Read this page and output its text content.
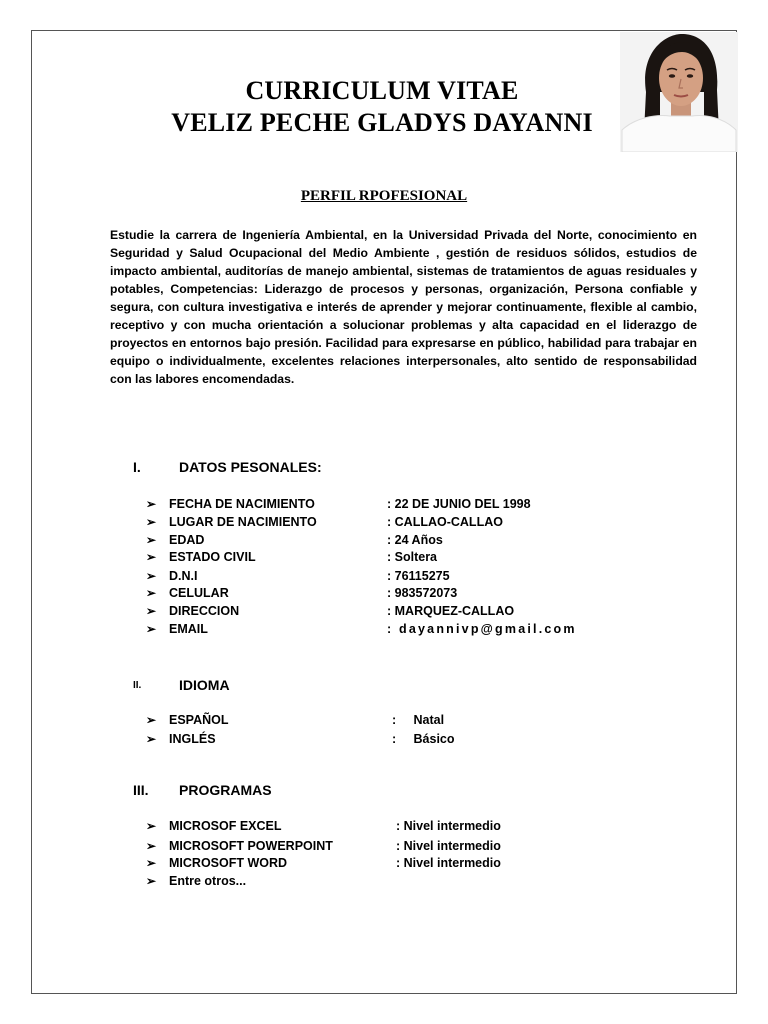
CURRICULUM VITAE
VELIZ PECHE GLADYS DAYANNI
PERFIL RPOFESIONAL
Estudie la carrera de Ingeniería Ambiental, en la Universidad Privada del Norte, conocimiento en Seguridad y Salud Ocupacional del Medio Ambiente , gestión de residuos sólidos, estudios de impacto ambiental, auditorías de manejo ambiental, sistemas de tratamientos de aguas residuales y potables, Competencias: Liderazgo de procesos y personas, organización, Persona confiable y segura, con cultura investigativa e interés de aprender y mejorar continuamente, flexible al cambio, receptivo y con mucha orientación a solucionar problemas y alta capacidad en el liderazgo de proyectos en entornos bajo presión. Facilidad para expresarse en público, habilidad para trabajar en equipo o individualmente, excelentes relaciones interpersonales, alto sentido de responsabilidad con las labores encomendadas.
I.	DATOS PESONALES:
➢ FECHA DE NACIMIENTO	: 22 DE JUNIO DEL 1998
➢ LUGAR DE NACIMIENTO	: CALLAO-CALLAO
➢ EDAD	: 24 Años
➢ ESTADO CIVIL	: Soltera
➢ D.N.I	: 76115275
➢ CELULAR	: 983572073
➢ DIRECCION	: MARQUEZ-CALLAO
➢ EMAIL	: dayannivp@gmail.com
II.	IDIOMA
➢ ESPAÑOL	:     Natal
➢ INGLÉS	:     Básico
III. PROGRAMAS
➢ MICROSOF EXCEL	: Nivel intermedio
➢ MICROSOFT POWERPOINT	: Nivel intermedio
➢ MICROSOFT WORD	: Nivel intermedio
➢ Entre otros...
